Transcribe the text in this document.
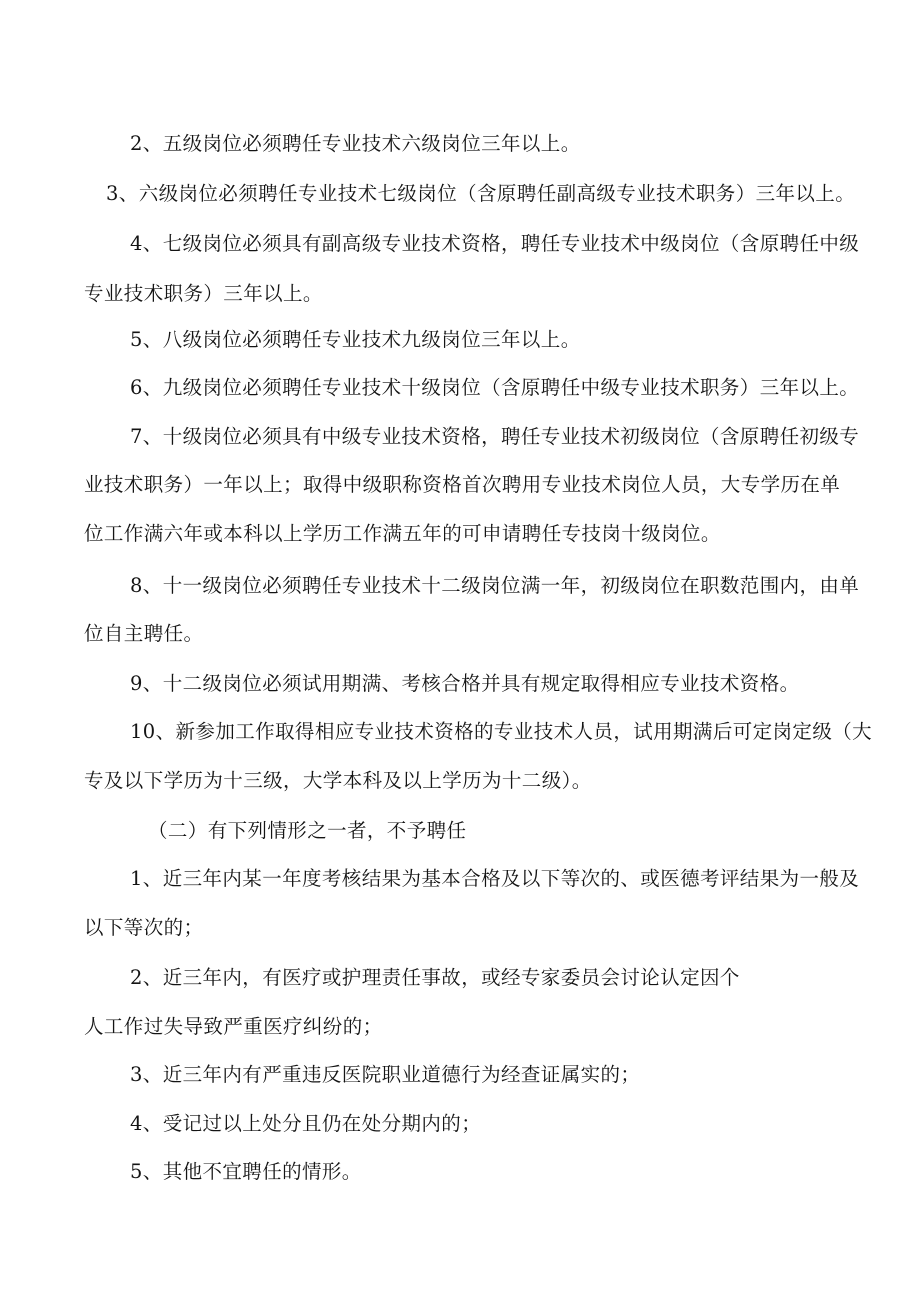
2、五级岗位必须聘任专业技术六级岗位三年以上。

3、六级岗位必须聘任专业技术七级岗位（含原聘任副高级专业技术职务）三年以上。

4、七级岗位必须具有副高级专业技术资格，聘任专业技术中级岗位（含原聘任中级

专业技术职务）三年以上。

5、八级岗位必须聘任专业技术九级岗位三年以上。

6、九级岗位必须聘任专业技术十级岗位（含原聘任中级专业技术职务）三年以上。

7、十级岗位必须具有中级专业技术资格，聘任专业技术初级岗位（含原聘任初级专

业技术职务）一年以上；取得中级职称资格首次聘用专业技术岗位人员，大专学历在单

位工作满六年或本科以上学历工作满五年的可申请聘任专技岗十级岗位。

8、十一级岗位必须聘任专业技术十二级岗位满一年，初级岗位在职数范围内，由单

位自主聘任。

9、十二级岗位必须试用期满、考核合格并具有规定取得相应专业技术资格。

10、新参加工作取得相应专业技术资格的专业技术人员，试用期满后可定岗定级（大

专及以下学历为十三级，大学本科及以上学历为十二级）。

（二）有下列情形之一者，不予聘任

1、近三年内某一年度考核结果为基本合格及以下等次的、或医德考评结果为一般及

以下等次的；

2、近三年内，有医疗或护理责任事故，或经专家委员会讨论认定因个

人工作过失导致严重医疗纠纷的；

3、近三年内有严重违反医院职业道德行为经查证属实的；

4、受记过以上处分且仍在处分期内的；

5、其他不宜聘任的情形。
